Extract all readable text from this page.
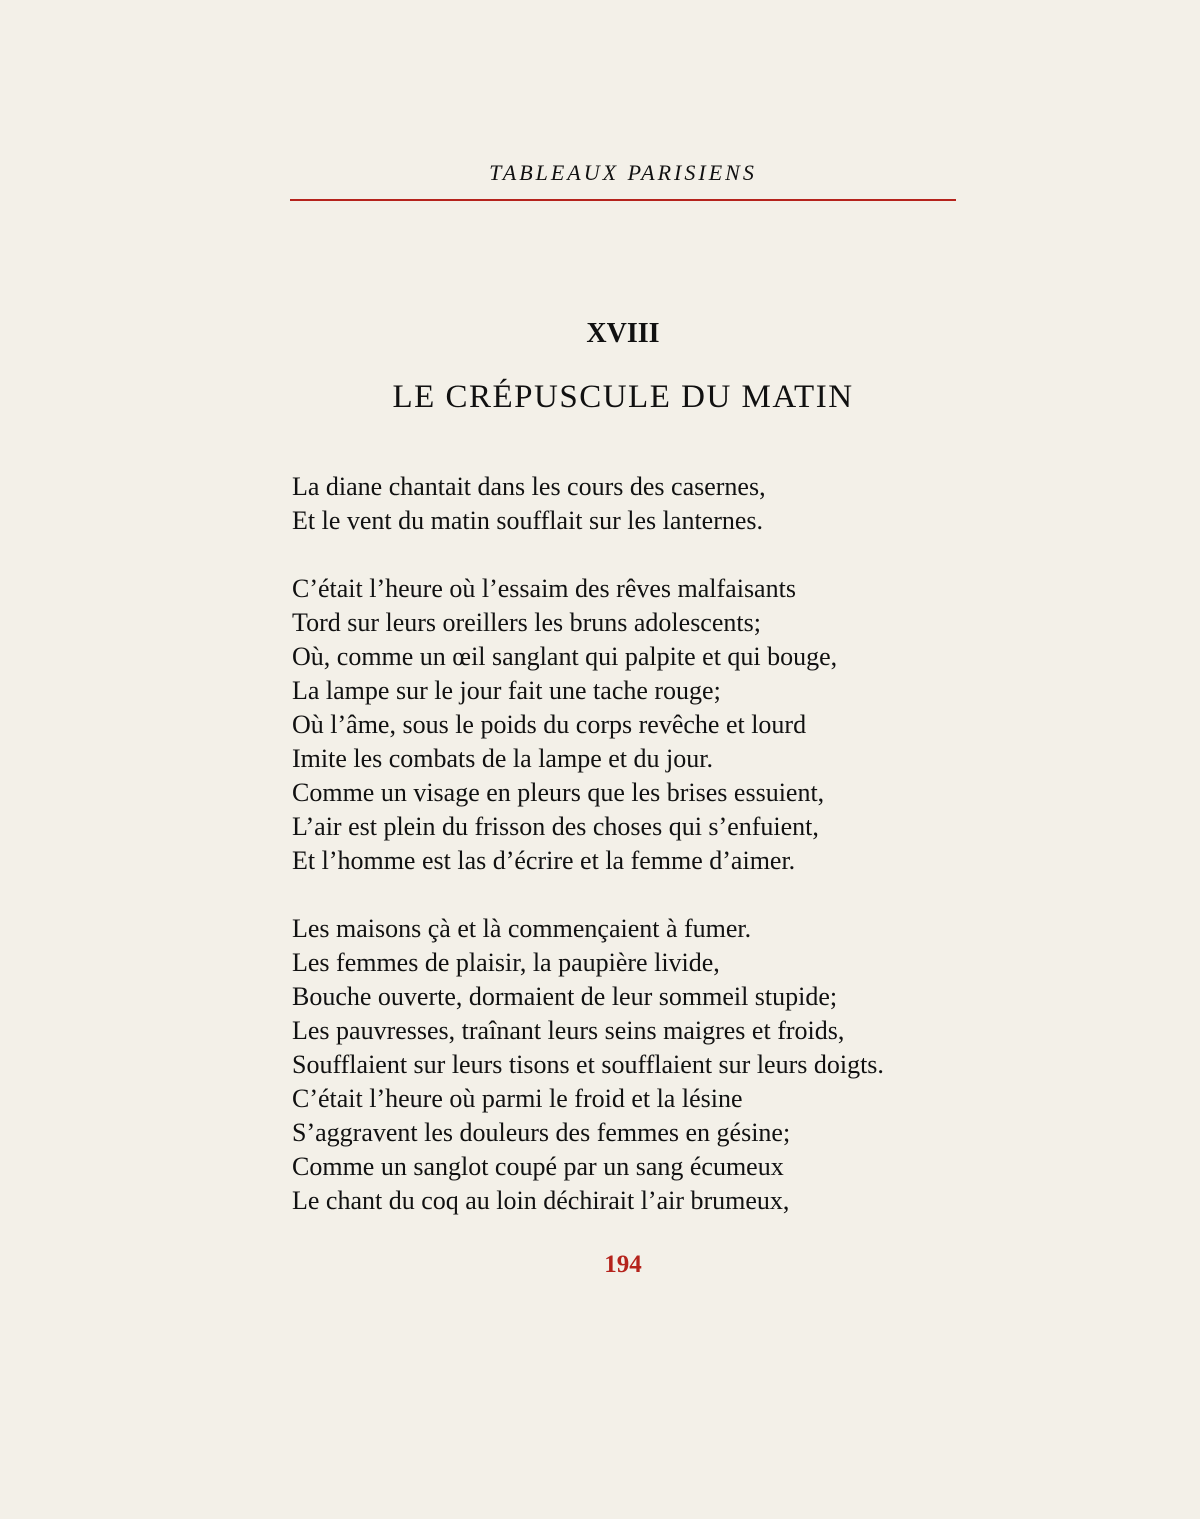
TABLEAUX PARISIENS
XVIII
LE CRÉPUSCULE DU MATIN
La diane chantait dans les cours des casernes,
Et le vent du matin soufflait sur les lanternes.
C’était l’heure où l’essaim des rêves malfaisants
Tord sur leurs oreillers les bruns adolescents;
Où, comme un œil sanglant qui palpite et qui bouge,
La lampe sur le jour fait une tache rouge;
Où l’âme, sous le poids du corps revêche et lourd
Imite les combats de la lampe et du jour.
Comme un visage en pleurs que les brises essuient,
L’air est plein du frisson des choses qui s’enfuient,
Et l’homme est las d’écrire et la femme d’aimer.
Les maisons çà et là commençaient à fumer.
Les femmes de plaisir, la paupière livide,
Bouche ouverte, dormaient de leur sommeil stupide;
Les pauvresses, traînant leurs seins maigres et froids,
Soufflaient sur leurs tisons et soufflaient sur leurs doigts.
C’était l’heure où parmi le froid et la lésine
S’aggravent les douleurs des femmes en gésine;
Comme un sanglot coupé par un sang écumeux
Le chant du coq au loin déchirait l’air brumeux,
194
